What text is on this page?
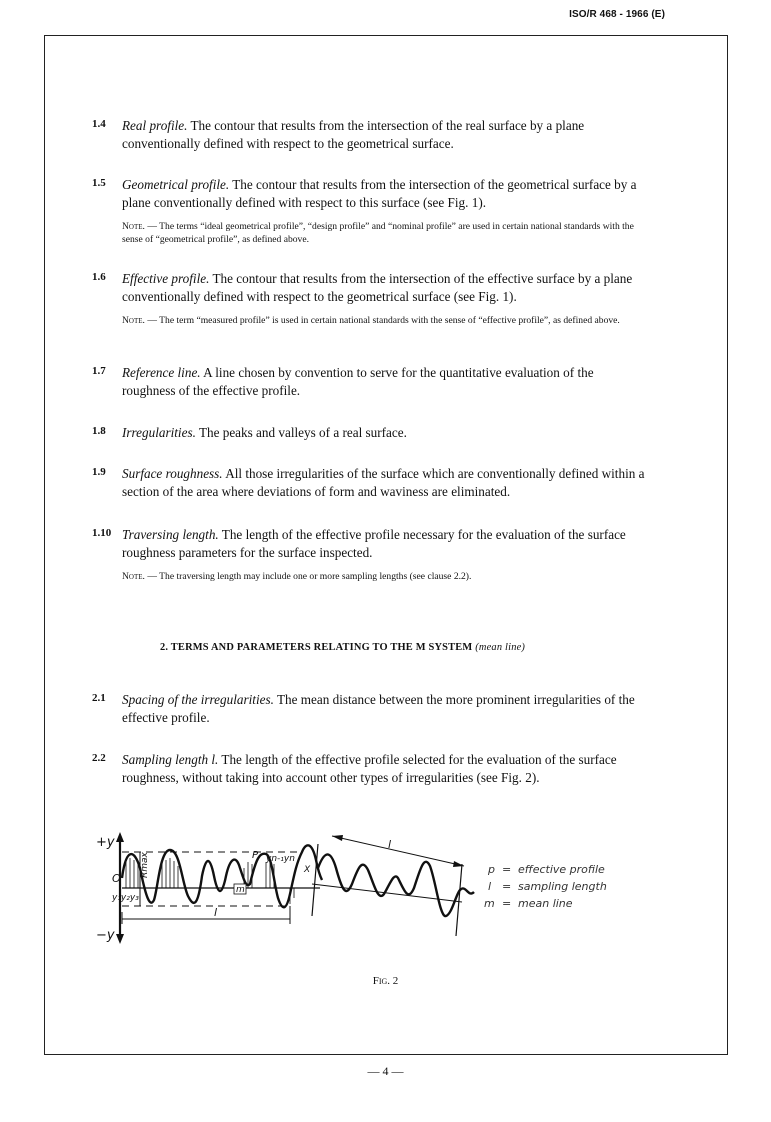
ISO/R 468 - 1966 (E)
1.4 Real profile. The contour that results from the intersection of the real surface by a plane conventionally defined with respect to the geometrical surface.
1.5 Geometrical profile. The contour that results from the intersection of the geometrical surface by a plane conventionally defined with respect to this surface (see Fig. 1).
Note. — The terms “ideal geometrical profile”, “design profile” and “nominal profile” are used in certain national standards with the sense of “geometrical profile”, as defined above.
1.6 Effective profile. The contour that results from the intersection of the effective surface by a plane conventionally defined with respect to the geometrical surface (see Fig. 1).
Note. — The term “measured profile” is used in certain national standards with the sense of “effective profile”, as defined above.
1.7 Reference line. A line chosen by convention to serve for the quantitative evaluation of the roughness of the effective profile.
1.8 Irregularities. The peaks and valleys of a real surface.
1.9 Surface roughness. All those irregularities of the surface which are conventionally defined within a section of the area where deviations of form and waviness are eliminated.
1.10 Traversing length. The length of the effective profile necessary for the evaluation of the surface roughness parameters for the surface inspected.
Note. — The traversing length may include one or more sampling lengths (see clause 2.2).
2. TERMS AND PARAMETERS RELATING TO THE M SYSTEM (mean line)
2.1 Spacing of the irregularities. The mean distance between the more prominent irregularities of the effective profile.
2.2 Sampling length l. The length of the effective profile selected for the evaluation of the surface roughness, without taking into account other types of irregularities (see Fig. 2).
+y
−y
O
l
Rmax	P
m
X
y₁y₂y₃
yn-₁yn
l
p = effective profile
l = sampling length
m = mean line
Fig. 2
— 4 —
